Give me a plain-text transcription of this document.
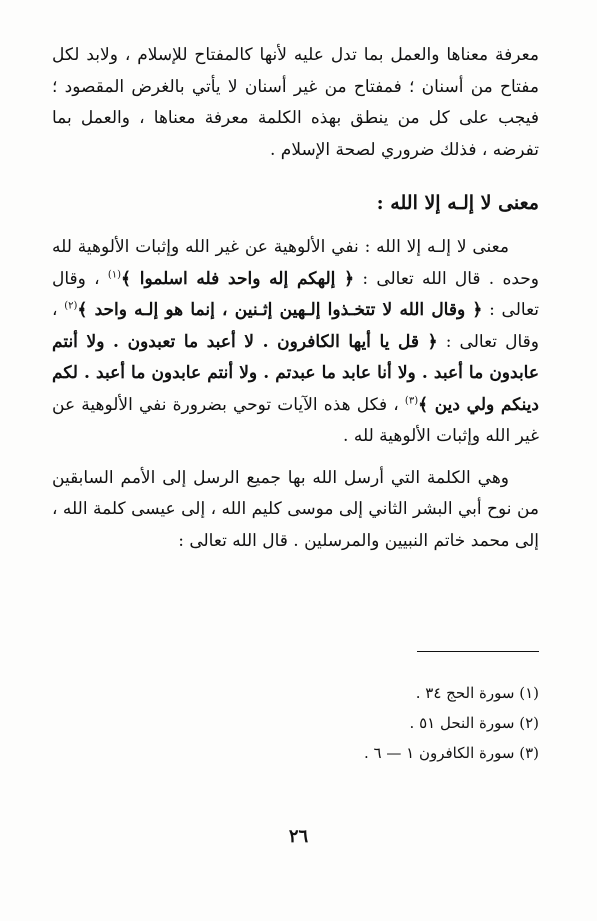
معرفة معناها والعمل بما تدل عليه لأنها كالمفتاح للإسلام ، ولابد لكل مفتاح من أسنان ؛ فمفتاح من غير أسنان لا يأتي بالغرض المقصود ؛ فيجب على كل من ينطق بهذه الكلمة معرفة معناها ، والعمل بما تفرضه ، فذلك ضروري لصحة الإسلام .

معنى لا إلـه إلا الله :

معنى لا إلـه إلا الله : نفي الألوهية عن غير الله وإثبات الألوهية لله وحده . قال الله تعالى : ﴿ إلهكم إله واحد فله اسلموا ﴾$^{(١)}$ ، وقال تعالى : ﴿ وقال الله لا تتخـذوا إلـهين إثـنين ، إنما هو إلـه واحد ﴾$^{(٢)}$ ، وقال تعالى : ﴿ قل يا أيها الكافرون . لا أعبد ما تعبدون . ولا أنتم عابدون ما أعبد . ولا أنا عابد ما عبدتم . ولا أنتم عابدون ما أعبد . لكم دينكم ولي دين ﴾$^{(٣)}$ ، فكل هذه الآيات توحي بضرورة نفي الألوهية عن غير الله وإثبات الألوهية لله .

وهي الكلمة التي أرسل الله بها جميع الرسل إلى الأمم السابقين من نوح أبي البشر الثاني إلى موسى كليم الله ، إلى عيسى كلمة الله ، إلى محمد خاتم النبيين والمرسلين . قال الله تعالى :

(١) سورة الحج ٣٤ .

(٢) سورة النحل ٥١ .

(٣) سورة الكافرون ١ — ٦ .

٢٦
